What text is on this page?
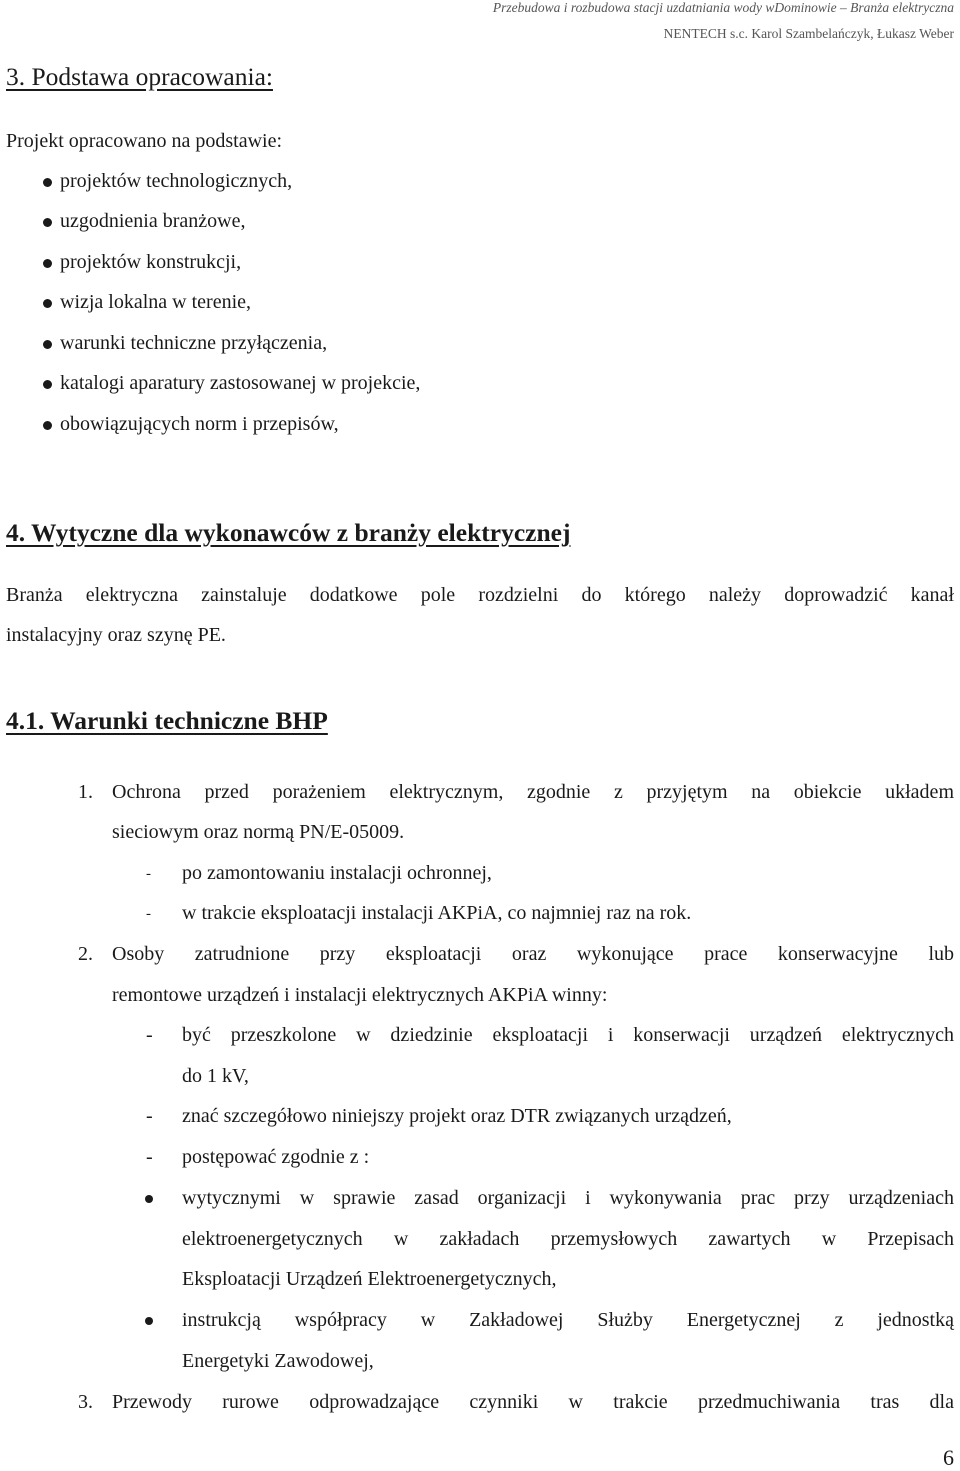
Przebudowa i rozbudowa stacji uzdatniania wody wDominowie – Branża elektryczna
NENTECH s.c. Karol Szambelańczyk, Łukasz Weber
3. Podstawa opracowania:
Projekt opracowano na podstawie:
projektów technologicznych,
uzgodnienia branżowe,
projektów konstrukcji,
wizja lokalna w terenie,
warunki techniczne przyłączenia,
katalogi aparatury zastosowanej w projekcie,
obowiązujących norm i przepisów,
4. Wytyczne dla wykonawców z branży elektrycznej
Branża elektryczna zainstaluje dodatkowe pole rozdzielni do którego należy doprowadzić kanał
instalacyjny oraz szynę PE.
4.1. Warunki techniczne BHP
1. Ochrona przed porażeniem elektrycznym, zgodnie z przyjętym na obiekcie układem
sieciowym oraz normą PN/E-05009.
- po zamontowaniu instalacji ochronnej,
- w trakcie eksploatacji instalacji AKPiA, co najmniej raz na rok.
2. Osoby zatrudnione przy eksploatacji oraz wykonujące prace konserwacyjne lub
remontowe urządzeń i instalacji elektrycznych AKPiA winny:
- być przeszkolone w dziedzinie eksploatacji i konserwacji urządzeń elektrycznych
do 1 kV,
- znać szczegółowo niniejszy projekt oraz DTR związanych urządzeń,
- postępować zgodnie z :
wytycznymi w sprawie zasad organizacji i wykonywania prac przy urządzeniach
elektroenergetycznych w zakładach przemysłowych zawartych w Przepisach
Eksploatacji Urządzeń Elektroenergetycznych,
instrukcją współpracy w Zakładowej Służby Energetycznej z jednostką
Energetyki Zawodowej,
3. Przewody rurowe odprowadzające czynniki w trakcie przedmuchiwania tras dla
6
